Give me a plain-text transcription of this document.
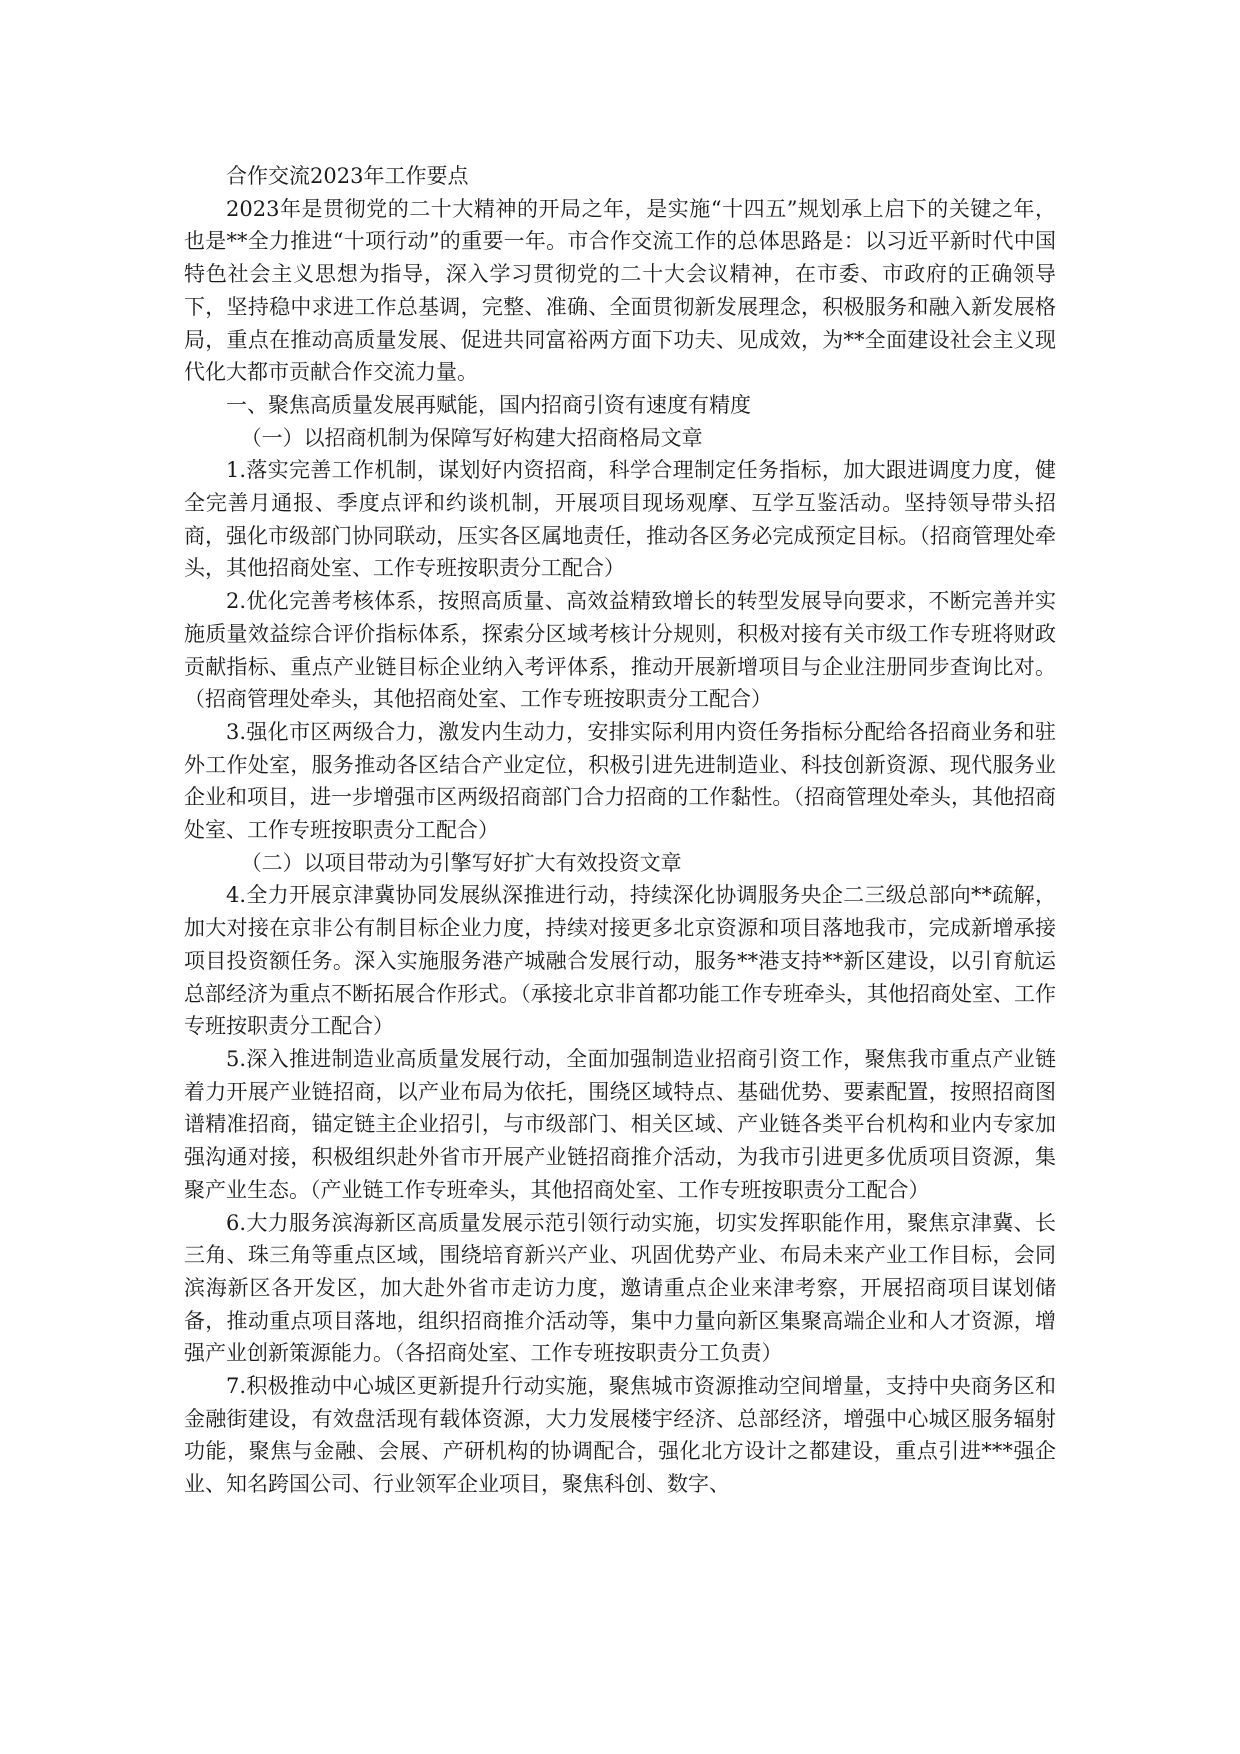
合作交流2023年工作要点

2023年是贯彻党的二十大精神的开局之年，是实施“十四五”规划承上启下的关键之年，也是**全力推进“十项行动”的重要一年。市合作交流工作的总体思路是：以习近平新时代中国特色社会主义思想为指导，深入学习贯彻党的二十大会议精神，在市委、市政府的正确领导下，坚持稳中求进工作总基调，完整、准确、全面贯彻新发展理念，积极服务和融入新发展格局，重点在推动高质量发展、促进共同富裕两方面下功夫、见成效，为**全面建设社会主义现代化大都市贡献合作交流力量。

一、聚焦高质量发展再赋能，国内招商引资有速度有精度

（一）以招商机制为保障写好构建大招商格局文章

1.落实完善工作机制，谋划好内资招商，科学合理制定任务指标，加大跟进调度力度，健全完善月通报、季度点评和约谈机制，开展项目现场观摩、互学互鉴活动。坚持领导带头招商，强化市级部门协同联动，压实各区属地责任，推动各区务必完成预定目标。（招商管理处牵头，其他招商处室、工作专班按职责分工配合）

2.优化完善考核体系，按照高质量、高效益精致增长的转型发展导向要求，不断完善并实施质量效益综合评价指标体系，探索分区域考核计分规则，积极对接有关市级工作专班将财政贡献指标、重点产业链目标企业纳入考评体系，推动开展新增项目与企业注册同步查询比对。（招商管理处牵头，其他招商处室、工作专班按职责分工配合）

3.强化市区两级合力，激发内生动力，安排实际利用内资任务指标分配给各招商业务和驻外工作处室，服务推动各区结合产业定位，积极引进先进制造业、科技创新资源、现代服务业企业和项目，进一步增强市区两级招商部门合力招商的工作黏性。（招商管理处牵头，其他招商处室、工作专班按职责分工配合）

（二）以项目带动为引擎写好扩大有效投资文章

4.全力开展京津冀协同发展纵深推进行动，持续深化协调服务央企二三级总部向**疏解，加大对接在京非公有制目标企业力度，持续对接更多北京资源和项目落地我市，完成新增承接项目投资额任务。深入实施服务港产城融合发展行动，服务**港支持**新区建设，以引育航运总部经济为重点不断拓展合作形式。（承接北京非首都功能工作专班牵头，其他招商处室、工作专班按职责分工配合）

5.深入推进制造业高质量发展行动，全面加强制造业招商引资工作，聚焦我市重点产业链着力开展产业链招商，以产业布局为依托，围绕区域特点、基础优势、要素配置，按照招商图谱精准招商，锚定链主企业招引，与市级部门、相关区域、产业链各类平台机构和业内专家加强沟通对接，积极组织赴外省市开展产业链招商推介活动，为我市引进更多优质项目资源，集聚产业生态。（产业链工作专班牵头，其他招商处室、工作专班按职责分工配合）

6.大力服务滨海新区高质量发展示范引领行动实施，切实发挥职能作用，聚焦京津冀、长三角、珠三角等重点区域，围绕培育新兴产业、巩固优势产业、布局未来产业工作目标，会同滨海新区各开发区，加大赴外省市走访力度，邀请重点企业来津考察，开展招商项目谋划储备，推动重点项目落地，组织招商推介活动等，集中力量向新区集聚高端企业和人才资源，增强产业创新策源能力。（各招商处室、工作专班按职责分工负责）

7.积极推动中心城区更新提升行动实施，聚焦城市资源推动空间增量，支持中央商务区和金融街建设，有效盘活现有载体资源，大力发展楼宇经济、总部经济，增强中心城区服务辐射功能，聚焦与金融、会展、产研机构的协调配合，强化北方设计之都建设，重点引进***强企业、知名跨国公司、行业领军企业项目，聚焦科创、数字、
